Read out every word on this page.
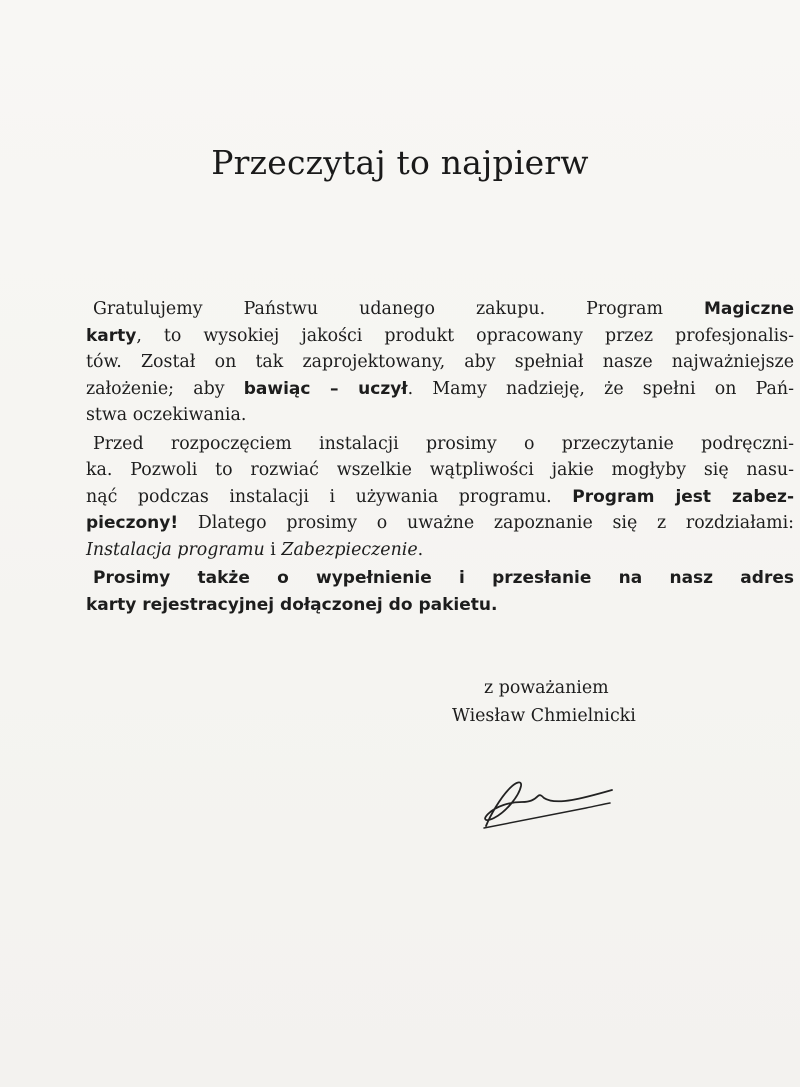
Przeczytaj to najpierw
Gratulujemy Państwu udanego zakupu. Program Magiczne
karty, to wysokiej jakości produkt opracowany przez profesjonalis-
tów. Został on tak zaprojektowany, aby spełniał nasze najważniejsze
założenie; aby bawiąc – uczył. Mamy nadzieję, że spełni on Pań-
stwa oczekiwania.
Przed rozpoczęciem instalacji prosimy o przeczytanie podręczni-
ka. Pozwoli to rozwiać wszelkie wątpliwości jakie mogłyby się nasu-
nąć podczas instalacji i używania programu. Program jest zabez-
pieczony! Dlatego prosimy o uważne zapoznanie się z rozdziałami:
Instalacja programu i Zabezpieczenie.
Prosimy także o wypełnienie i przesłanie na nasz adres
karty rejestracyjnej dołączonej do pakietu.
z poważaniem
Wiesław Chmielnicki
